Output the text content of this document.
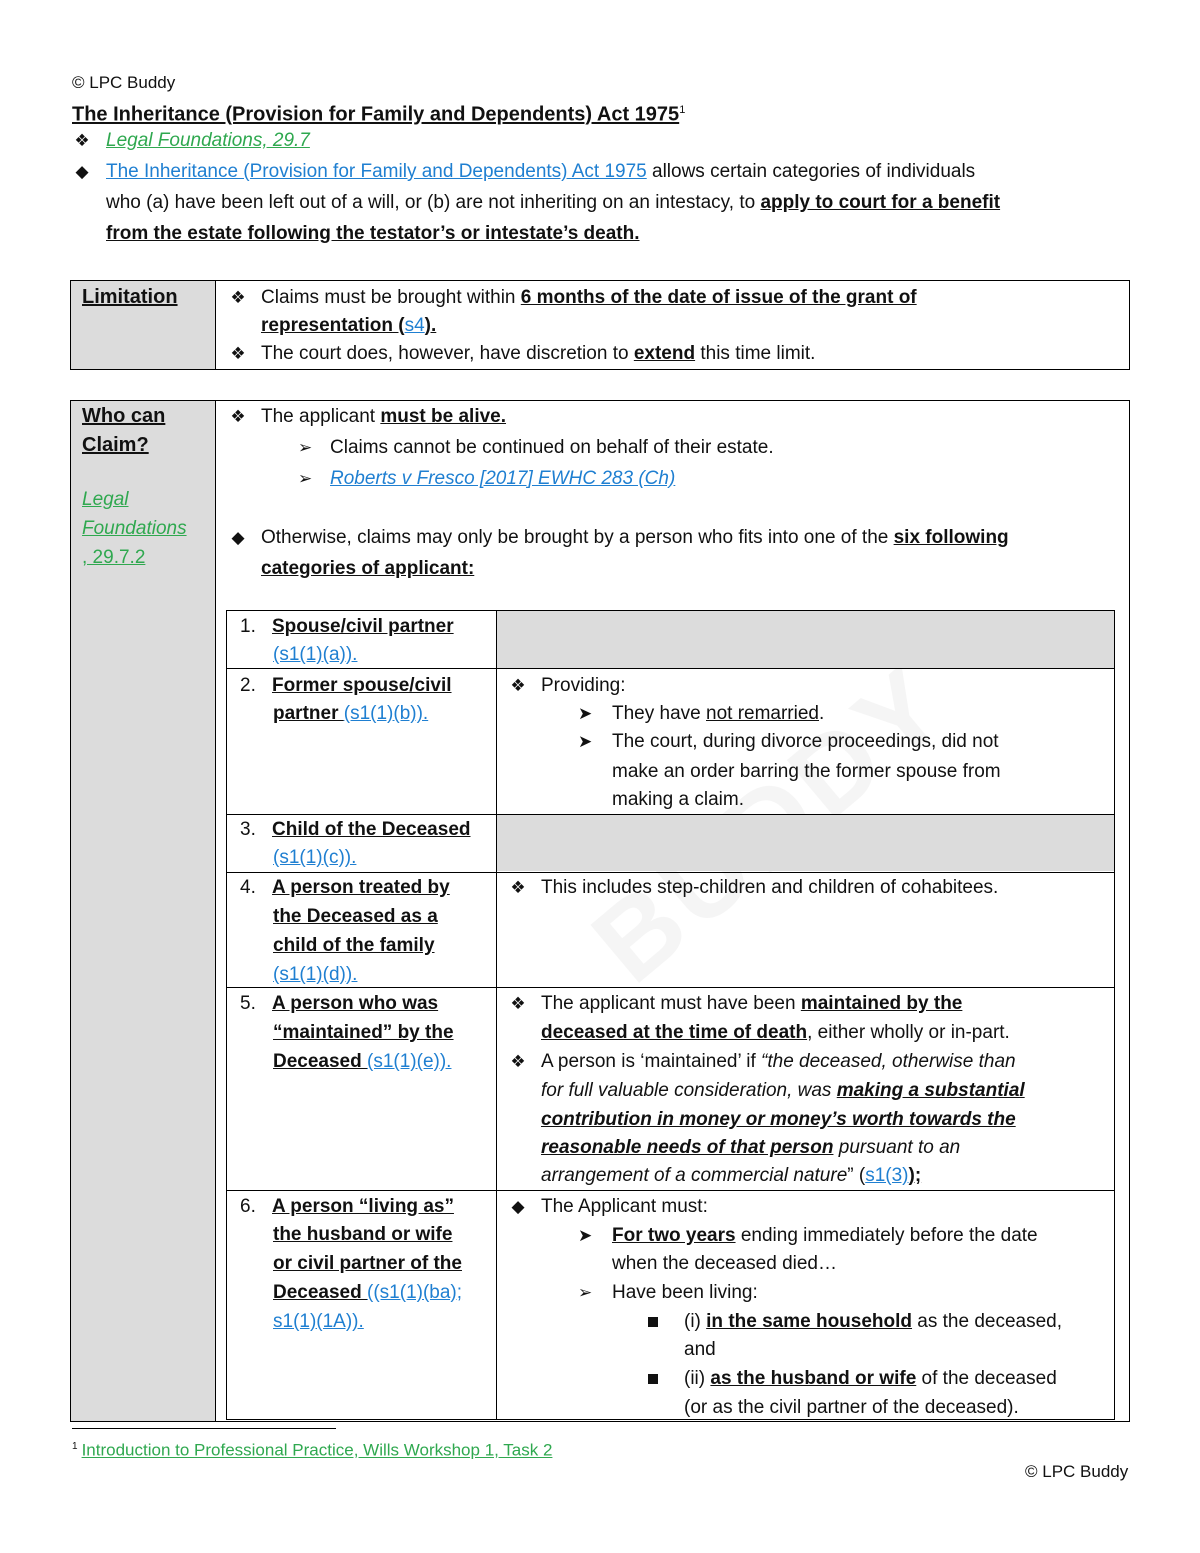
© LPC Buddy
The Inheritance (Provision for Family and Dependents) Act 1975$^1$
❖ Legal Foundations, 29.7
◆ The Inheritance (Provision for Family and Dependents) Act 1975 allows certain categories of individuals
who (a) have been left out of a will, or (b) are not inheriting on an intestacy, to apply to court for a benefit
from the estate following the testator’s or intestate’s death.
Limitation	❖ Claims must be brought within 6 months of the date of issue of the grant of
representation (s4).
❖ The court does, however, have discretion to extend this time limit.
Who can
Claim?
Legal
Foundations
, 29.7.2
❖ The applicant must be alive.
➢ Claims cannot be continued on behalf of their estate.
➢ Roberts v Fresco [2017] EWHC 283 (Ch)
◆ Otherwise, claims may only be brought by a person who fits into one of the six following
categories of applicant:
1. Spouse/civil partner
(s1(1)(a)).
2. Former spouse/civil
partner (s1(1)(b)).
❖ Providing:
➤ They have not remarried.
➤ The court, during divorce proceedings, did not
make an order barring the former spouse from
making a claim.
3. Child of the Deceased
(s1(1)(c)).
4. A person treated by
the Deceased as a
child of the family
(s1(1)(d)).
❖ This includes step-children and children of cohabitees.
5. A person who was
“maintained” by the
Deceased (s1(1)(e)).
❖ The applicant must have been maintained by the
deceased at the time of death, either wholly or in-part.
❖ A person is ‘maintained’ if “the deceased, otherwise than
for full valuable consideration, was making a substantial
contribution in money or money’s worth towards the
reasonable needs of that person pursuant to an
arrangement of a commercial nature” (s1(3));
6. A person “living as”
the husband or wife
or civil partner of the
Deceased ((s1(1)(ba);
s1(1)(1A)).
◆ The Applicant must:
➤ For two years ending immediately before the date
when the deceased died…
➢ Have been living:
(i) in the same household as the deceased,
and
(ii) as the husband or wife of the deceased
(or as the civil partner of the deceased).
$^1$ Introduction to Professional Practice, Wills Workshop 1, Task 2
© LPC Buddy
